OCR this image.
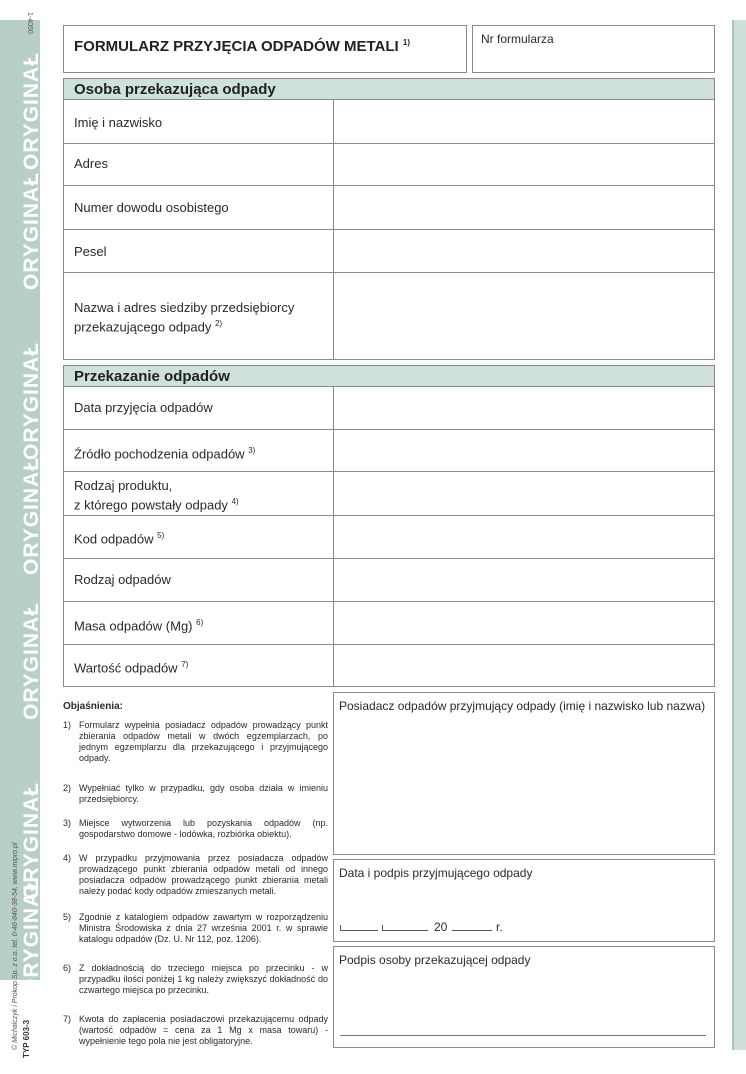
ORYGINAŁ
ORYGINAŁ
ORYGINAŁ
ORYGINAŁ
ORYGINAŁ
ORYGINAŁ
ORYGINAŁ
1-4050
© Michalczyk i Prokop Sp. z o.o. tel. 0-46-840-38-54, www.mipro.pl TYP 603-3
FORMULARZ PRZYJĘCIA ODPADÓW METALI $^{1)}$	Nr formularza
Osoba przekazująca odpady
Imię i nazwisko
Adres
Numer dowodu osobistego
Pesel
Nazwa i adres siedziby przedsiębiorcy
przekazującego odpady $^{2)}$
Przekazanie odpadów
Data przyjęcia odpadów
Źródło pochodzenia odpadów $^{3)}$
Rodzaj produktu,
z którego powstały odpady $^{4)}$
Kod odpadów $^{5)}$
Rodzaj odpadów
Masa odpadów (Mg) $^{6)}$
Wartość odpadów $^{7)}$
Objaśnienia:
1) Formularz wypełnia posiadacz odpadów prowadzący punkt zbierania odpadów metali w dwóch egzemplarzach, po jednym egzemplarzu dla przekazującego i przyjmującego odpady.
2) Wypełniać tylko w przypadku, gdy osoba działa w imieniu przedsiębiorcy.
3) Miejsce wytworzenia lub pozyskania odpadów (np. gospodarstwo domowe - lodówka, rozbiórka obiektu).
4) W przypadku przyjmowania przez posiadacza odpadów prowadzącego punkt zbierania odpadów metali od innego posiadacza odpadów prowadzącego punkt zbierania metali należy podać kody odpadów zmieszanych metali.
5) Zgodnie z katalogiem odpadów zawartym w rozporządzeniu Ministra Środowiska z dnia 27 września 2001 r. w sprawie katalogu odpadów (Dz. U. Nr 112, poz. 1206).
6) Z dokładnością do trzeciego miejsca po przecinku - w przypadku ilości poniżej 1 kg należy zwiększyć dokładność do czwartego miejsca po przecinku.
7) Kwota do zapłacenia posiadaczowi przekazującemu odpady (wartość odpadów = cena za 1 Mg x masa towaru) - wypełnienie tego pola nie jest obligatoryjne.
Posiadacz odpadów przyjmujący odpady (imię i nazwisko lub nazwa)
Data i podpis przyjmującego odpady
20	r.
Podpis osoby przekazującej odpady
